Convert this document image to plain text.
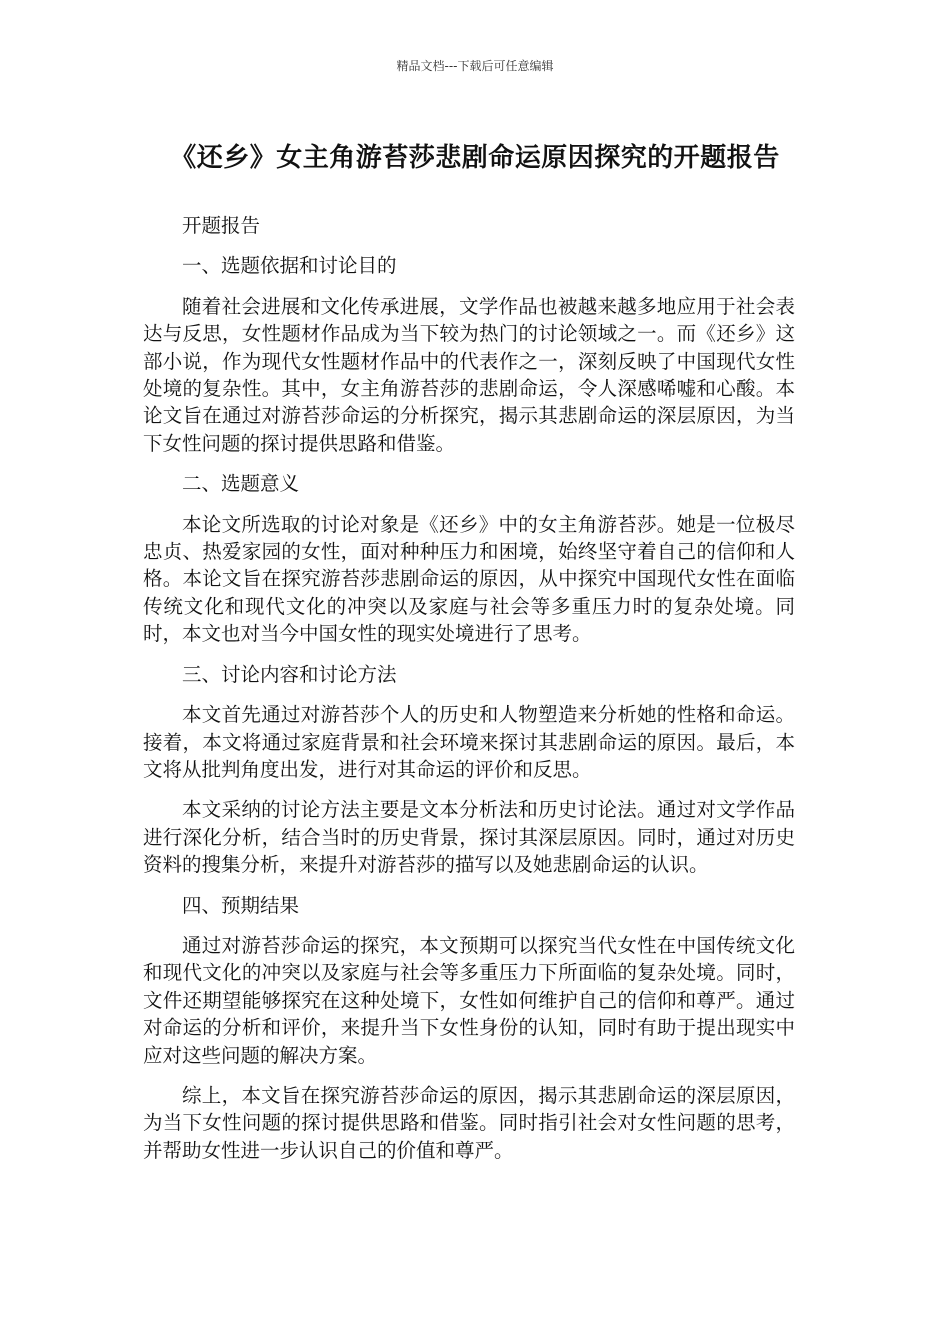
精品文档---下载后可任意编辑
《还乡》女主角游苔莎悲剧命运原因探究的开题报告

开题报告

一、选题依据和讨论目的

随着社会进展和文化传承进展，文学作品也被越来越多地应用于社会表达与反思，女性题材作品成为当下较为热门的讨论领域之一。而《还乡》这部小说，作为现代女性题材作品中的代表作之一，深刻反映了中国现代女性处境的复杂性。其中，女主角游苔莎的悲剧命运，令人深感唏嘘和心酸。本论文旨在通过对游苔莎命运的分析探究，揭示其悲剧命运的深层原因，为当下女性问题的探讨提供思路和借鉴。

二、选题意义

本论文所选取的讨论对象是《还乡》中的女主角游苔莎。她是一位极尽忠贞、热爱家园的女性，面对种种压力和困境，始终坚守着自己的信仰和人格。本论文旨在探究游苔莎悲剧命运的原因，从中探究中国现代女性在面临传统文化和现代文化的冲突以及家庭与社会等多重压力时的复杂处境。同时，本文也对当今中国女性的现实处境进行了思考。

三、讨论内容和讨论方法

本文首先通过对游苔莎个人的历史和人物塑造来分析她的性格和命运。接着，本文将通过家庭背景和社会环境来探讨其悲剧命运的原因。最后，本文将从批判角度出发，进行对其命运的评价和反思。

本文采纳的讨论方法主要是文本分析法和历史讨论法。通过对文学作品进行深化分析，结合当时的历史背景，探讨其深层原因。同时，通过对历史资料的搜集分析，来提升对游苔莎的描写以及她悲剧命运的认识。

四、预期结果

通过对游苔莎命运的探究，本文预期可以探究当代女性在中国传统文化和现代文化的冲突以及家庭与社会等多重压力下所面临的复杂处境。同时，文件还期望能够探究在这种处境下，女性如何维护自己的信仰和尊严。通过对命运的分析和评价，来提升当下女性身份的认知，同时有助于提出现实中应对这些问题的解决方案。

综上，本文旨在探究游苔莎命运的原因，揭示其悲剧命运的深层原因，为当下女性问题的探讨提供思路和借鉴。同时指引社会对女性问题的思考，并帮助女性进一步认识自己的价值和尊严。
